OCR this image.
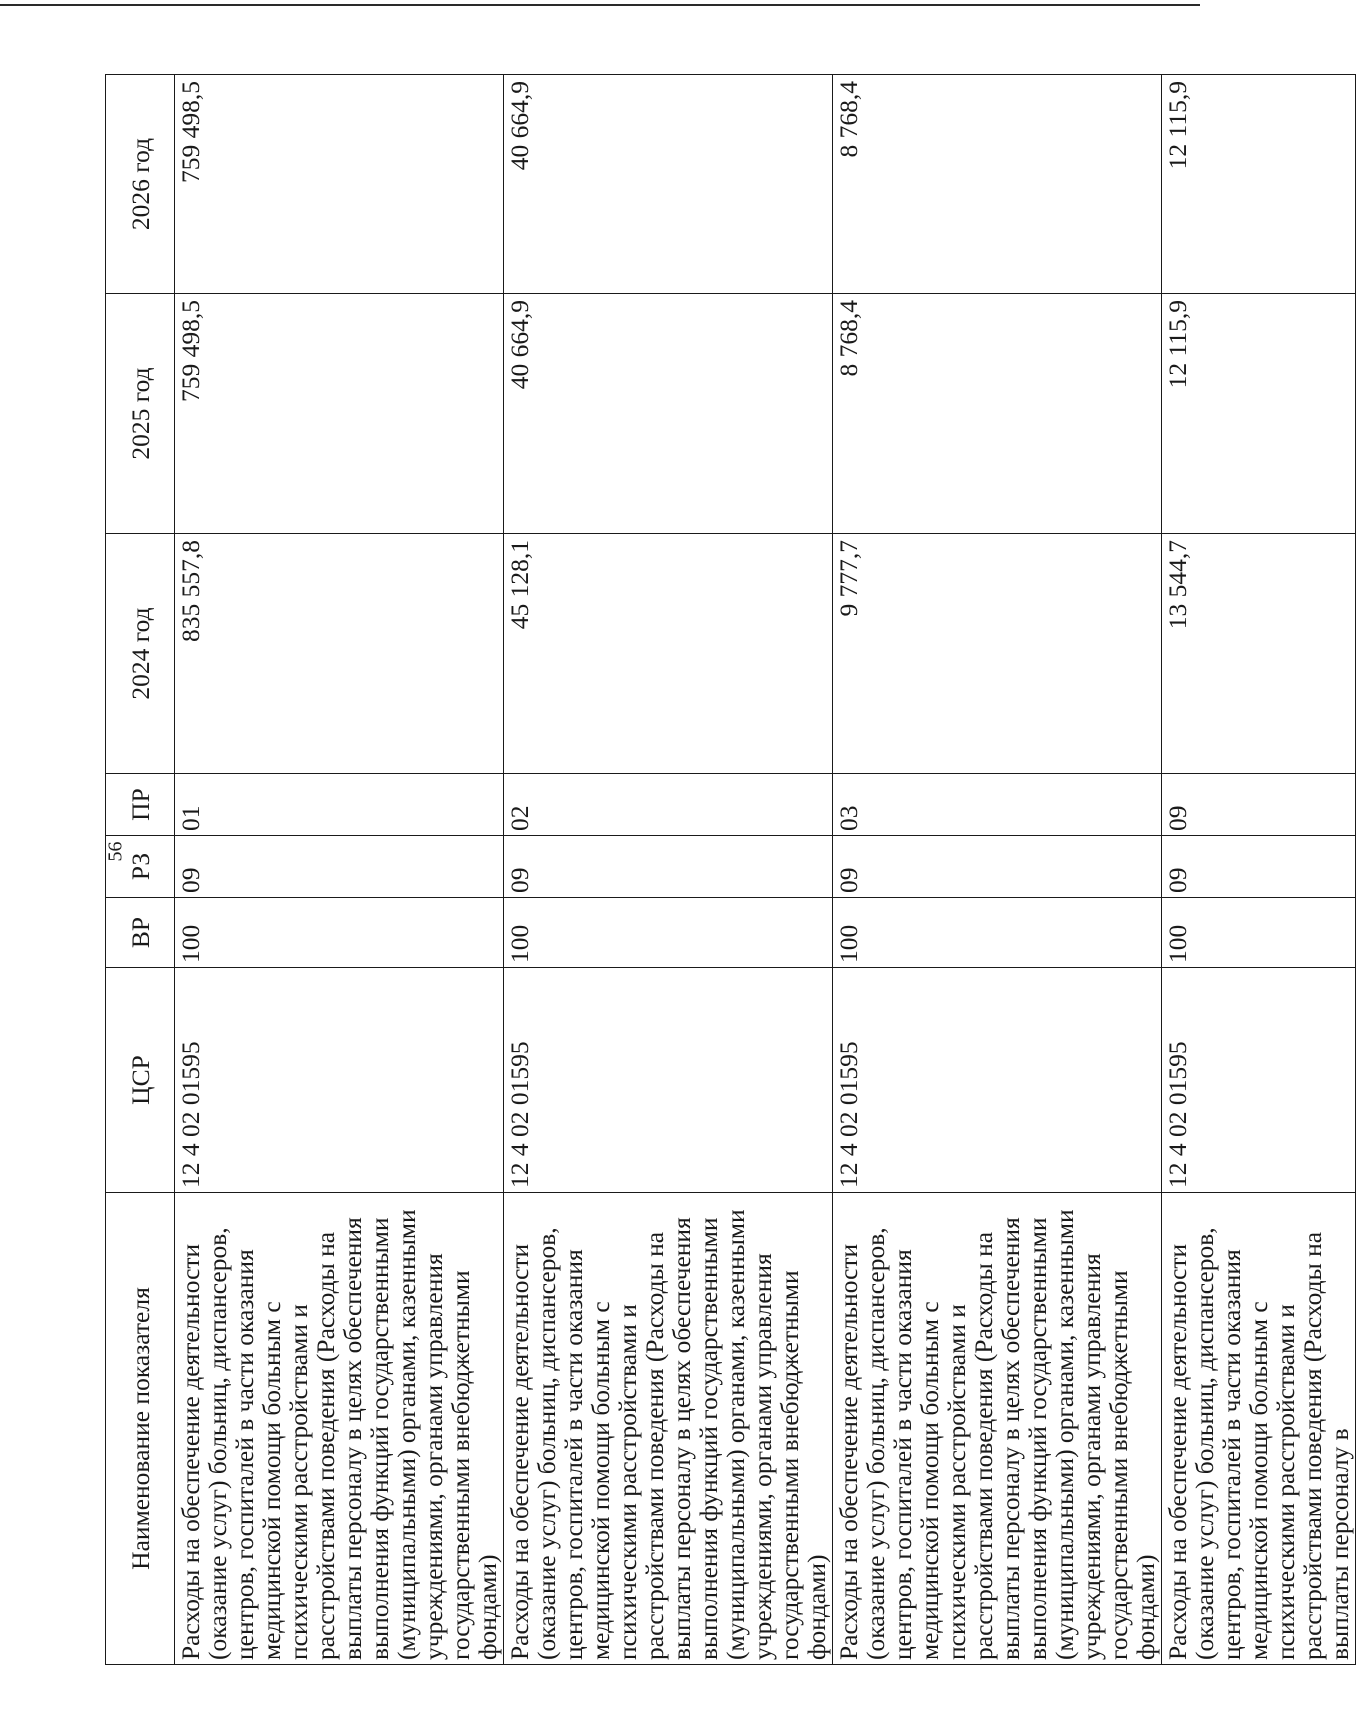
56
Наименование показателя	ЦСР	ВР	РЗ	ПР	2024 год	2025 год	2026 год
Расходы на обеспечение деятельности (оказание услуг) больниц, диспансеров, центров, госпиталей в части оказания медицинской помощи больным с психическими расстройствами и расстройствами поведения (Расходы на выплаты персоналу в целях обеспечения выполнения функций государственными (муниципальными) органами, казенными учреждениями, органами управления государственными внебюджетными фондами)	12 4 02 01595	100	09	01	835 557,8	759 498,5	759 498,5
Расходы на обеспечение деятельности (оказание услуг) больниц, диспансеров, центров, госпиталей в части оказания медицинской помощи больным с психическими расстройствами и расстройствами поведения (Расходы на выплаты персоналу в целях обеспечения выполнения функций государственными (муниципальными) органами, казенными учреждениями, органами управления государственными внебюджетными фондами)	12 4 02 01595	100	09	02	45 128,1	40 664,9	40 664,9
Расходы на обеспечение деятельности (оказание услуг) больниц, диспансеров, центров, госпиталей в части оказания медицинской помощи больным с психическими расстройствами и расстройствами поведения (Расходы на выплаты персоналу в целях обеспечения выполнения функций государственными (муниципальными) органами, казенными учреждениями, органами управления государственными внебюджетными фондами)	12 4 02 01595	100	09	03	9 777,7	8 768,4	8 768,4
Расходы на обеспечение деятельности (оказание услуг) больниц, диспансеров, центров, госпиталей в части оказания медицинской помощи больным с психическими расстройствами и расстройствами поведения (Расходы на выплаты персоналу в	12 4 02 01595	100	09	09	13 544,7	12 115,9	12 115,9
